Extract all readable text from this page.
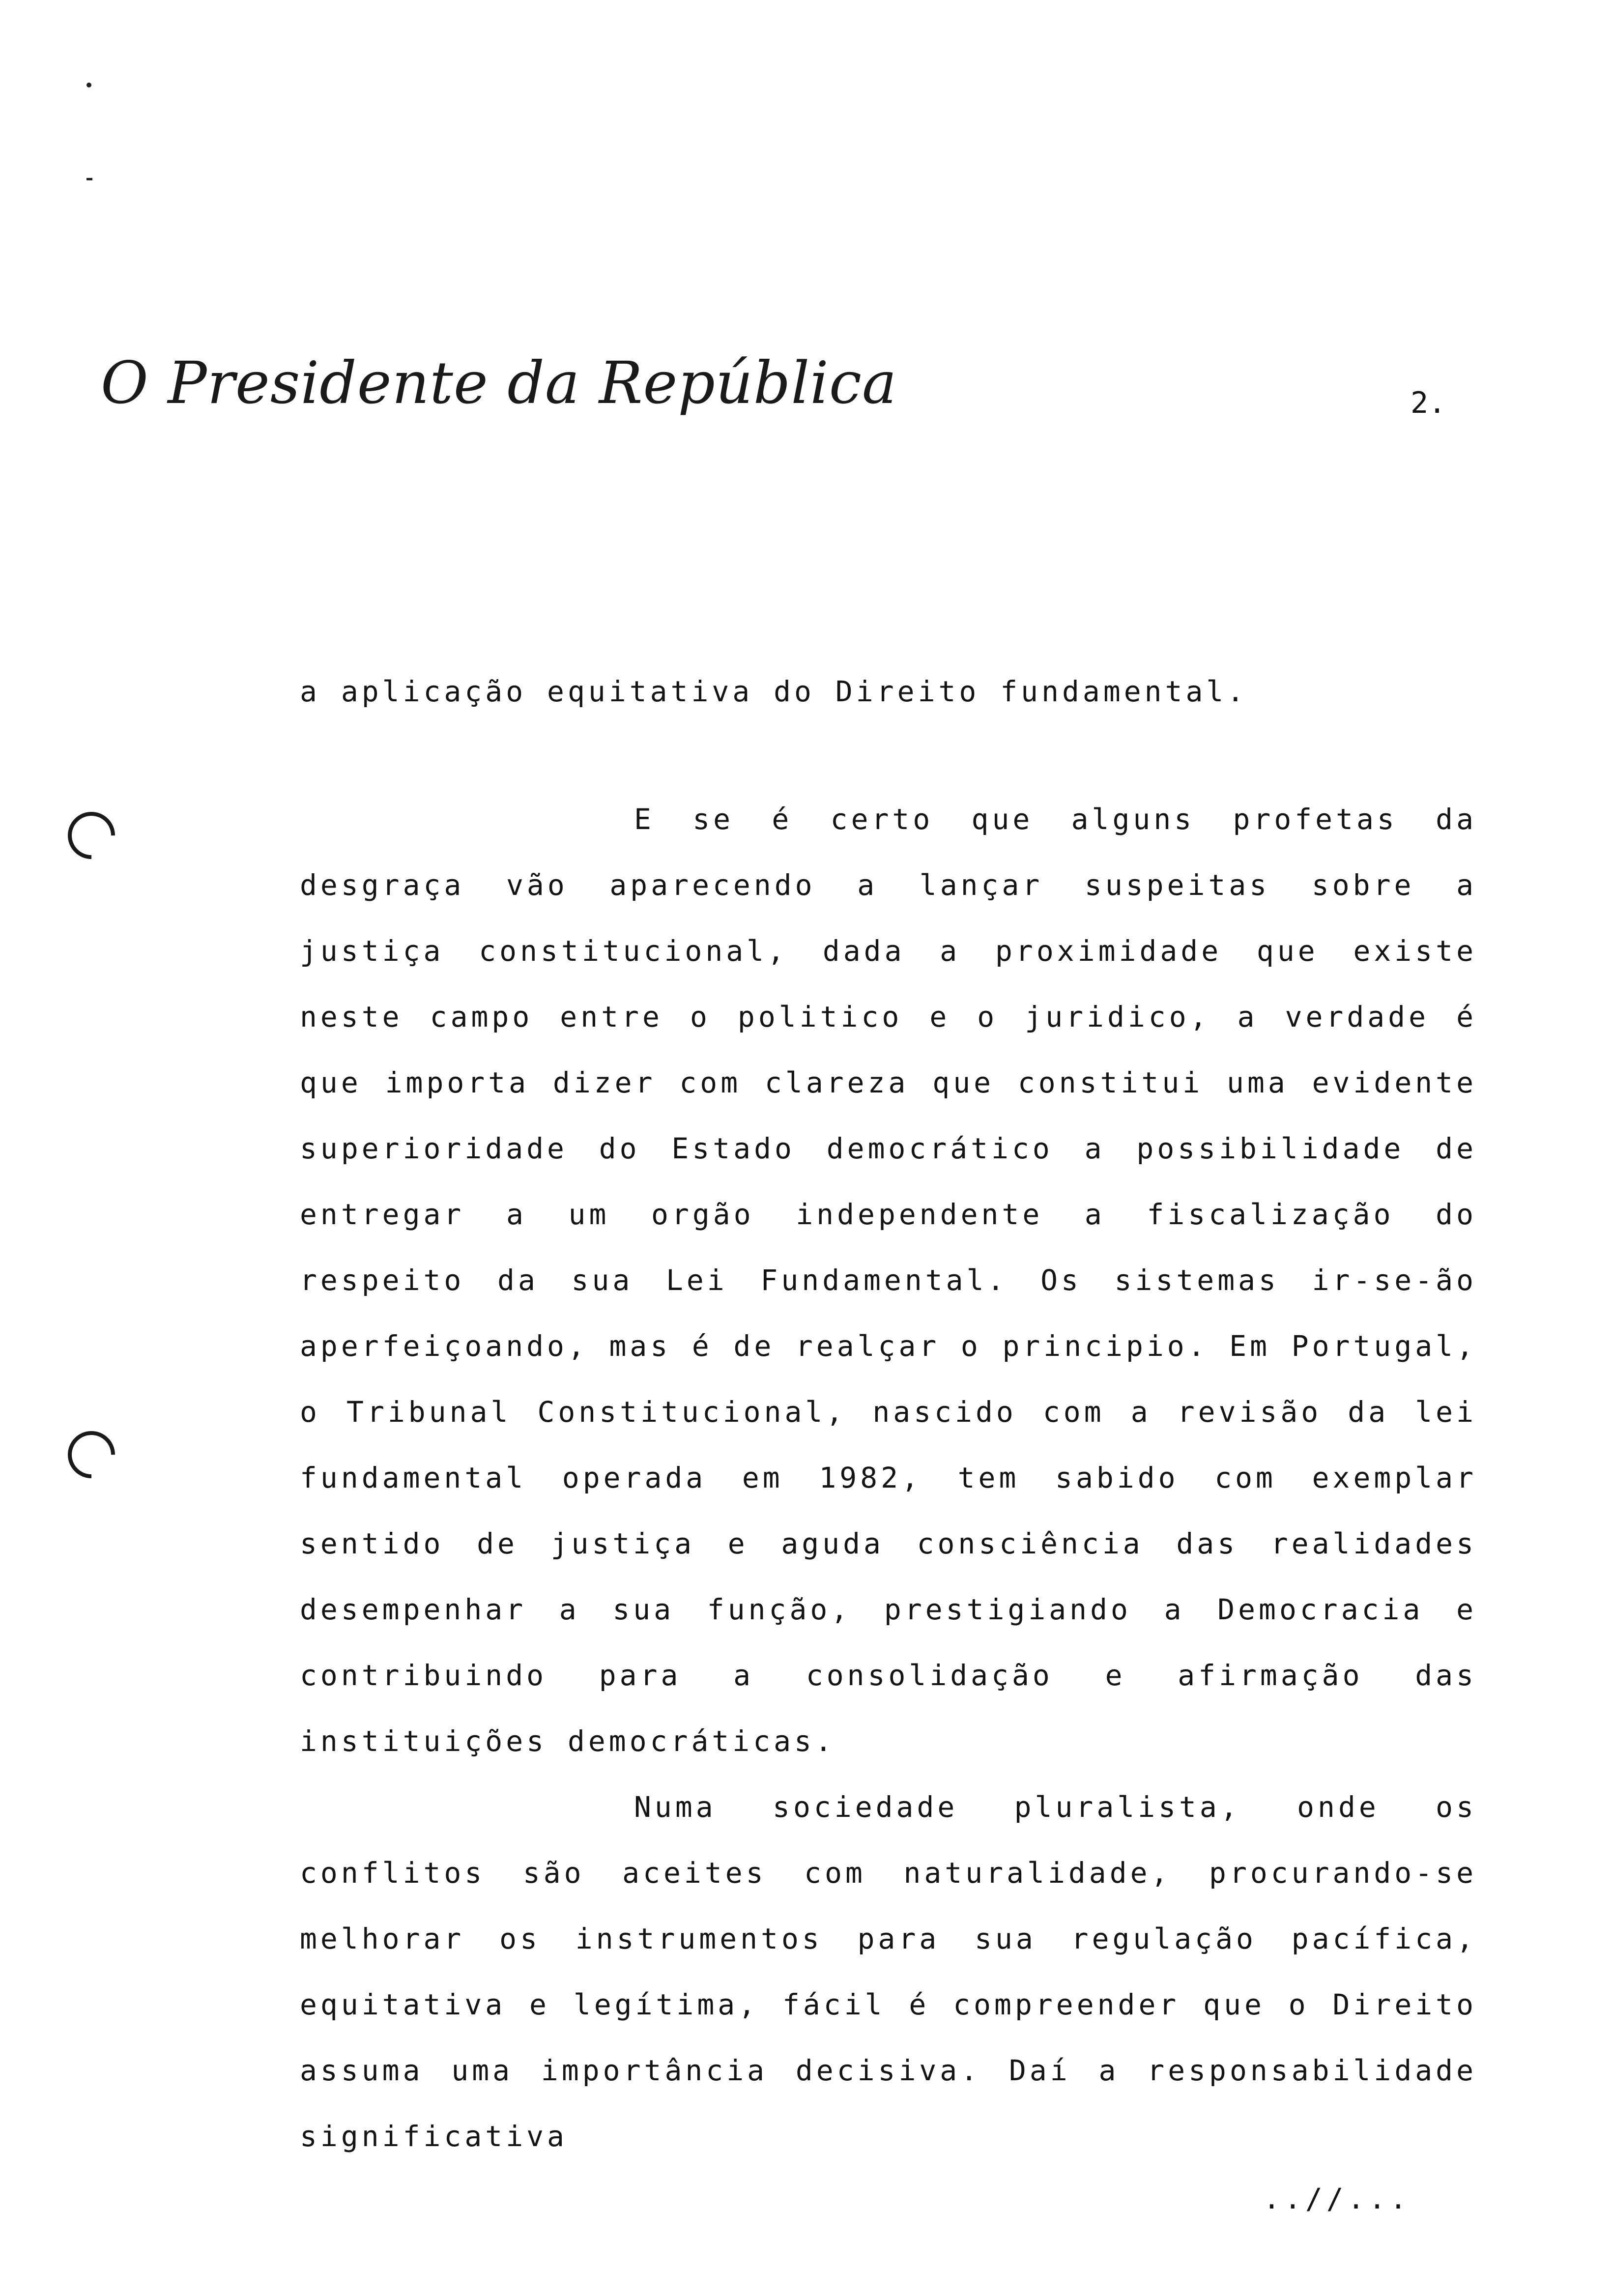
O Presidente da República	2.
a aplicação equitativa do Direito fundamental.
E se é certo que alguns profetas da desgraça vão aparecendo a lançar suspeitas sobre a justiça constitucional, dada a proximidade que existe neste campo entre o politico e o juridico, a verdade é que importa dizer com clareza que constitui uma evidente superioridade do Estado democrático a possibilidade de entregar a um orgão independente a fiscalização do respeito da sua Lei Fundamental. Os sistemas ir-se-ão aperfeiçoando, mas é de realçar o principio. Em Portugal, o Tribunal Constitucional, nascido com a revisão da lei fundamental operada em 1982, tem sabido com exemplar sentido de justiça e aguda consciência das realidades desempenhar a sua função, prestigiando a Democracia e contribuindo para a consolidação e afirmação das instituições democráticas.
Numa sociedade pluralista, onde os conflitos são aceites com naturalidade, procurando-se melhorar os instrumentos para sua regulação pacífica, equitativa e legítima, fácil é compreender que o Direito assuma uma importância decisiva. Daí a responsabilidade significativa
..//...
